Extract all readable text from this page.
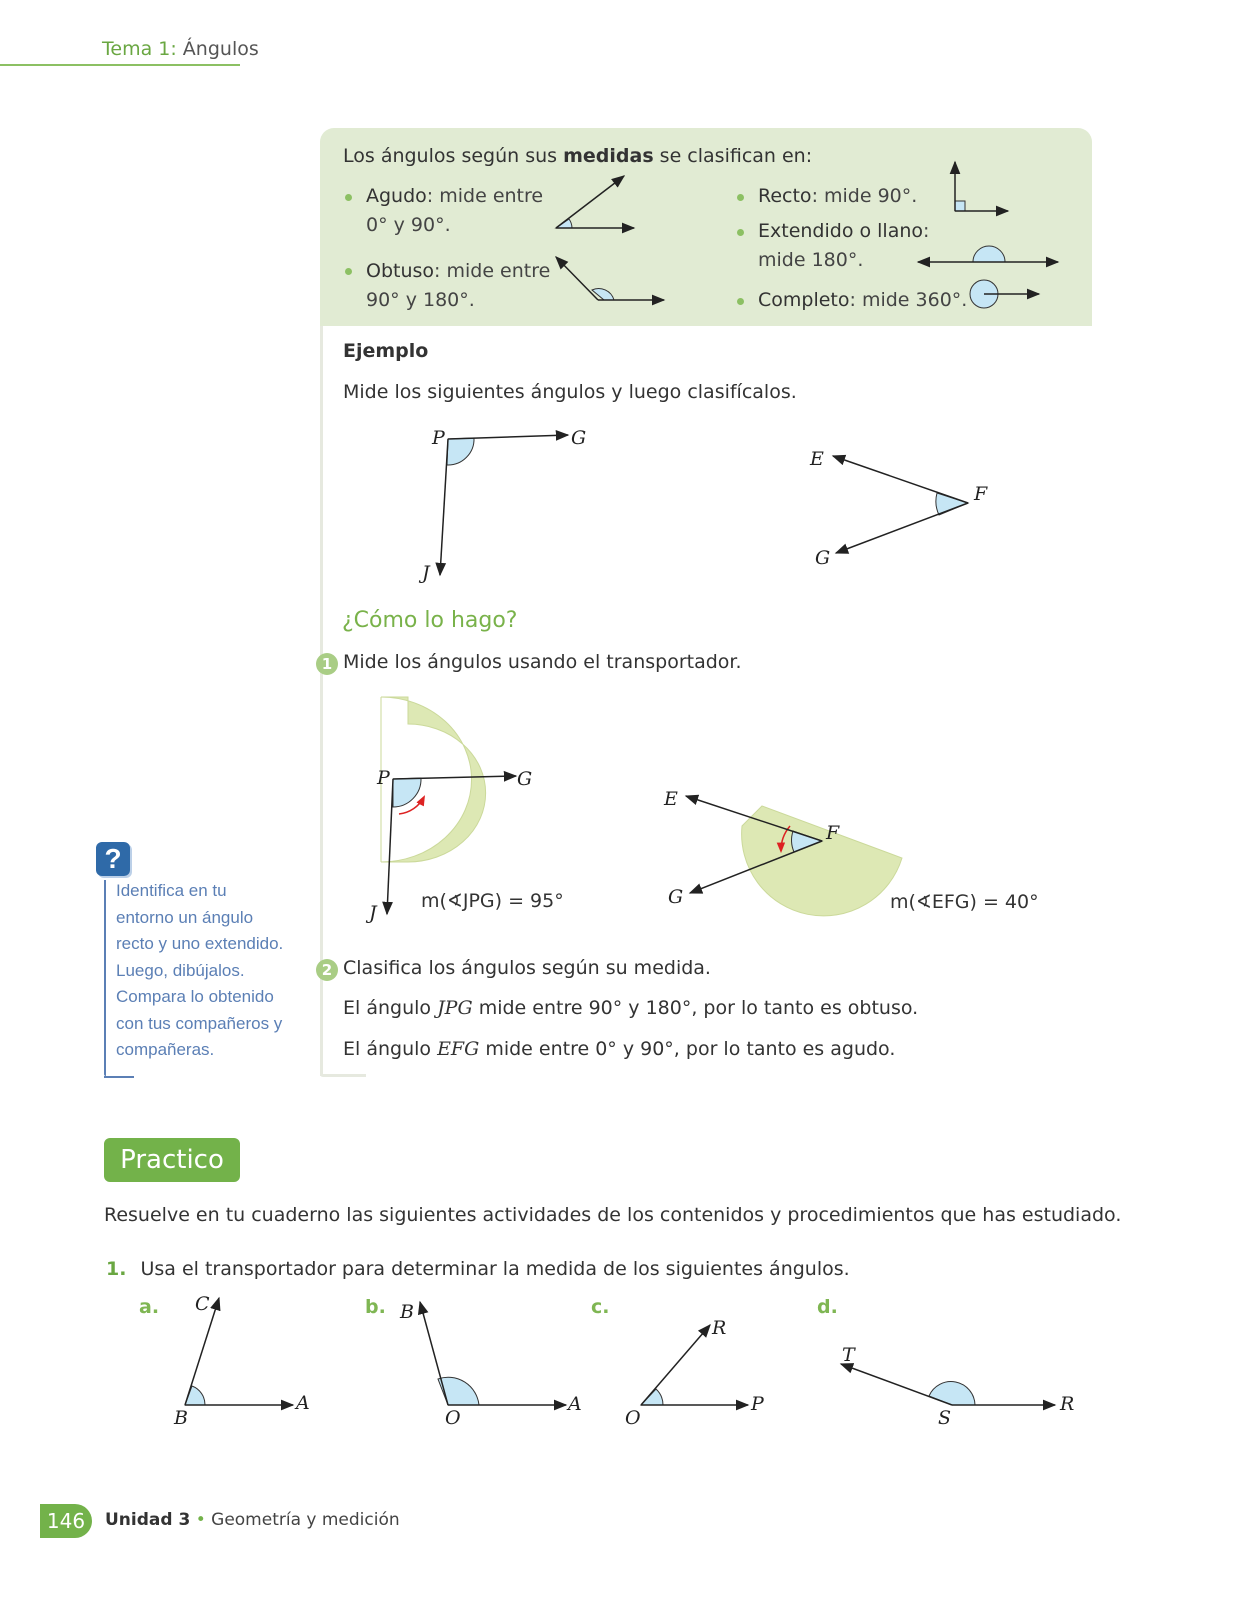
Tema 1: Ángulos
Los ángulos según sus medidas se clasifican en:
Agudo: mide entre
0° y 90°.
Obtuso: mide entre
90° y 180°.
Recto: mide 90°.
Extendido o llano:
mide 180°.
Completo: mide 360°.
P	G
J
E
F
G
P	G
J
E
F
G
C
B
A
B
O
A
R
O
P
T
S
R
Ejemplo
Mide los siguientes ángulos y luego clasifícalos.
¿Cómo lo hago?
1 Mide los ángulos usando el transportador.
m(∢JPG) = 95°	m(∢EFG) = 40°
2 Clasifica los ángulos según su medida.
El ángulo JPG mide entre 90° y 180°, por lo tanto es obtuso.
El ángulo EFG mide entre 0° y 90°, por lo tanto es agudo.
?
Identifica en tu entorno un ángulo recto y uno extendido. Luego, dibújalos. Compara lo obtenido con tus compañeros y compañeras.
Practico
Resuelve en tu cuaderno las siguientes actividades de los contenidos y procedimientos que has estudiado.
1. Usa el transportador para determinar la medida de los siguientes ángulos.
a.	b.	c.	d.
146	Unidad 3 • Geometría y medición
